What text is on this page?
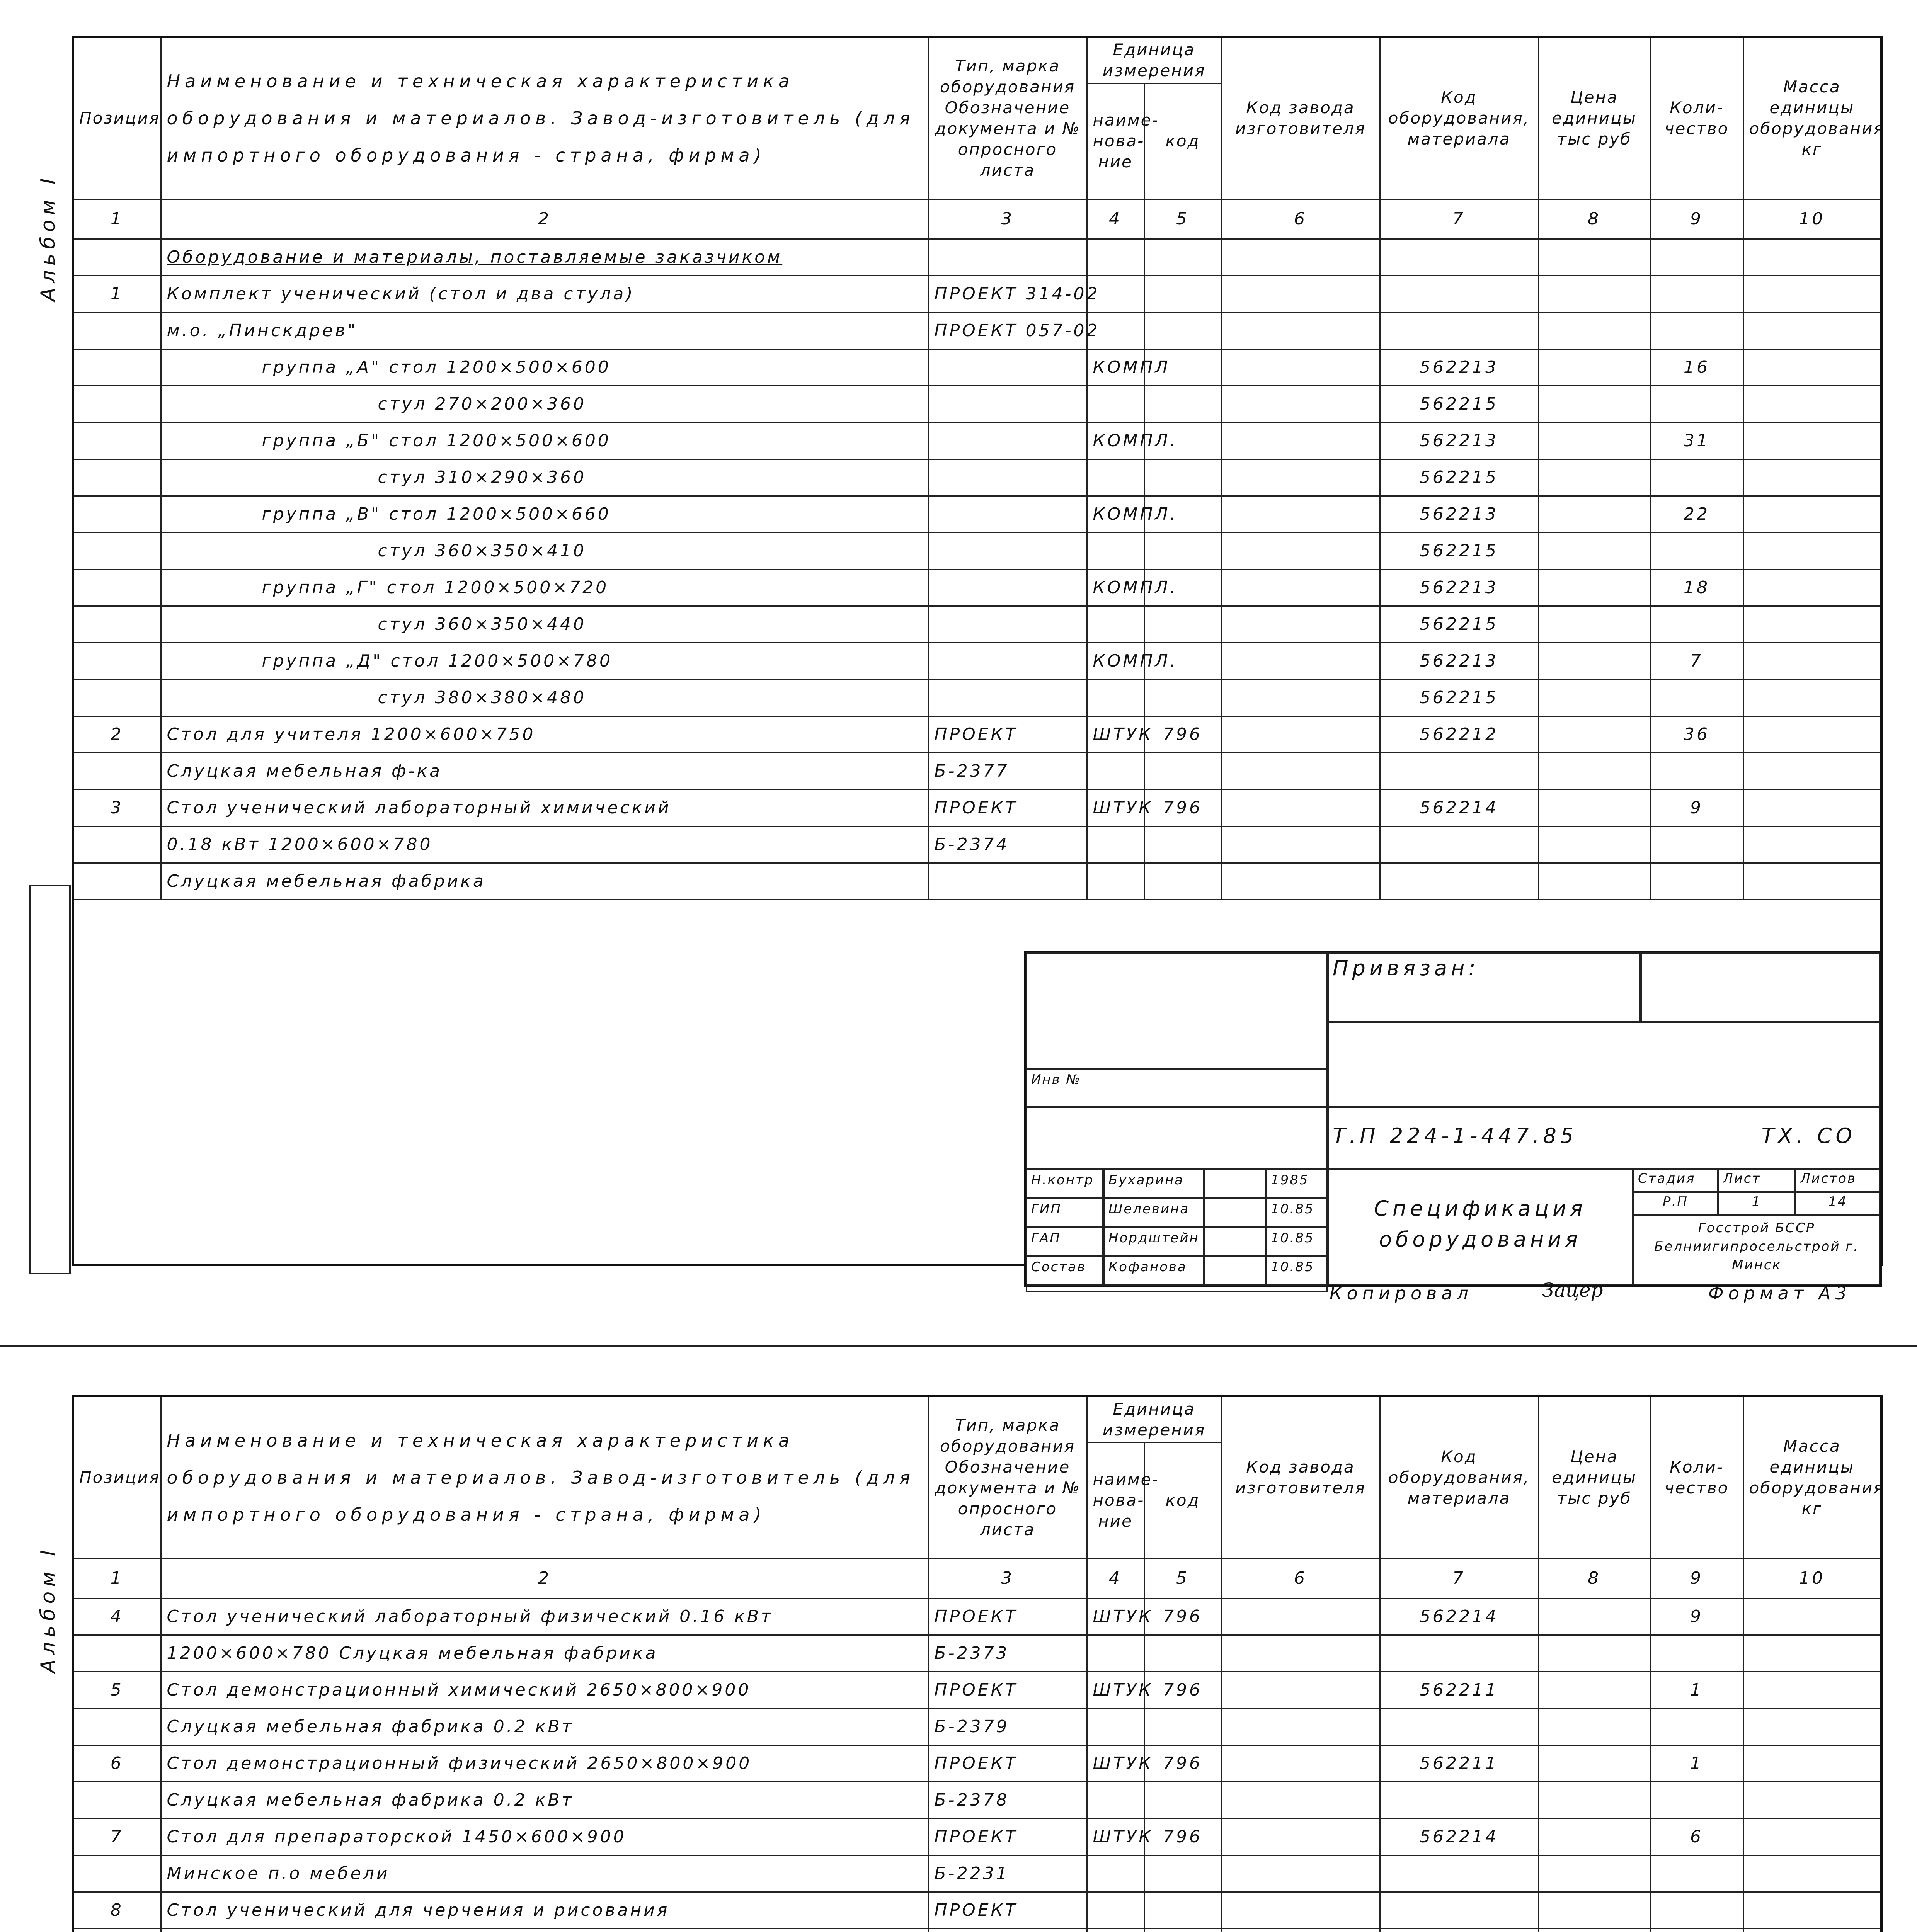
Альбом I
Позиция	Наименование и техническая характеристика оборудования и материалов. Завод-изготовитель (для импортного оборудования - страна, фирма)	Тип, марка оборудования Обозначение документа и № опросного листа	Единица измерения		Код завода изготовителя	Код оборудования, материала	Цена единицы тыс руб	Коли-чество	Масса единицы оборудования кг
			наиме-нова-ние	код					
1	2	3	4	5	6	7	8	9	10
	Оборудование и материалы, поставляемые заказчиком								
1	Комплект ученический (стол и два стула)	ПРОЕКТ 314-02							
	м.о. „Пинскдрев"	ПРОЕКТ 057-02							
	группа „А" стол 1200×500×600		КОМПЛ			562213		16	
	стул 270×200×360					562215			
	группа „Б" стол 1200×500×600		КОМПЛ.			562213		31	
	стул 310×290×360					562215			
	группа „В" стол 1200×500×660		КОМПЛ.			562213		22	
	стул 360×350×410					562215			
	группа „Г" стол 1200×500×720		КОМПЛ.			562213		18	
	стул 360×350×440					562215			
	группа „Д" стол 1200×500×780		КОМПЛ.			562213		7	
	стул 380×380×480					562215			
2	Стол для учителя 1200×600×750	ПРОЕКТ	ШТУК	796		562212		36	
	Слуцкая мебельная ф-ка	Б-2377							
3	Стол ученический лабораторный химический	ПРОЕКТ	ШТУК	796		562214		9	
	0.18 кВт 1200×600×780	Б-2374							
	Слуцкая мебельная фабрика								

Привязан:
Инв №
Т.П 224-1-447.85	ТХ. СО
Н.контр	Бухарина	1985
ГИП	Шелевина	10.85
ГАП	Нордштейн	10.85
Состав	Кофанова	10.85
Спецификация оборудования
Стадия	Лист	Листов
Р.П	1	14
Госстрой БССР Белниигипросельстрой г. Минск
Копировал	Зацер	Формат А3
Альбом I
Позиция	Наименование и техническая характеристика оборудования и материалов. Завод-изготовитель (для импортного оборудования - страна, фирма)	Тип, марка оборудования Обозначение документа и № опросного листа	Единица измерения		Код завода изготовителя	Код оборудования, материала	Цена единицы тыс руб	Коли-чество	Масса единицы оборудования кг
			наиме-нова-ние	код					
1	2	3	4	5	6	7	8	9	10
4	Стол ученический лабораторный физический 0.16 кВт	ПРОЕКТ	ШТУК	796		562214		9	
	1200×600×780 Слуцкая мебельная фабрика	Б-2373							
5	Стол демонстрационный химический 2650×800×900	ПРОЕКТ	ШТУК	796		562211		1	
	Слуцкая мебельная фабрика 0.2 кВт	Б-2379							
6	Стол демонстрационный физический 2650×800×900	ПРОЕКТ	ШТУК	796		562211		1	
	Слуцкая мебельная фабрика 0.2 кВт	Б-2378							
7	Стол для препараторской 1450×600×900	ПРОЕКТ	ШТУК	796		562214		6	
	Минское п.о мебели	Б-2231							
8	Стол ученический для черчения и рисования	ПРОЕКТ							
